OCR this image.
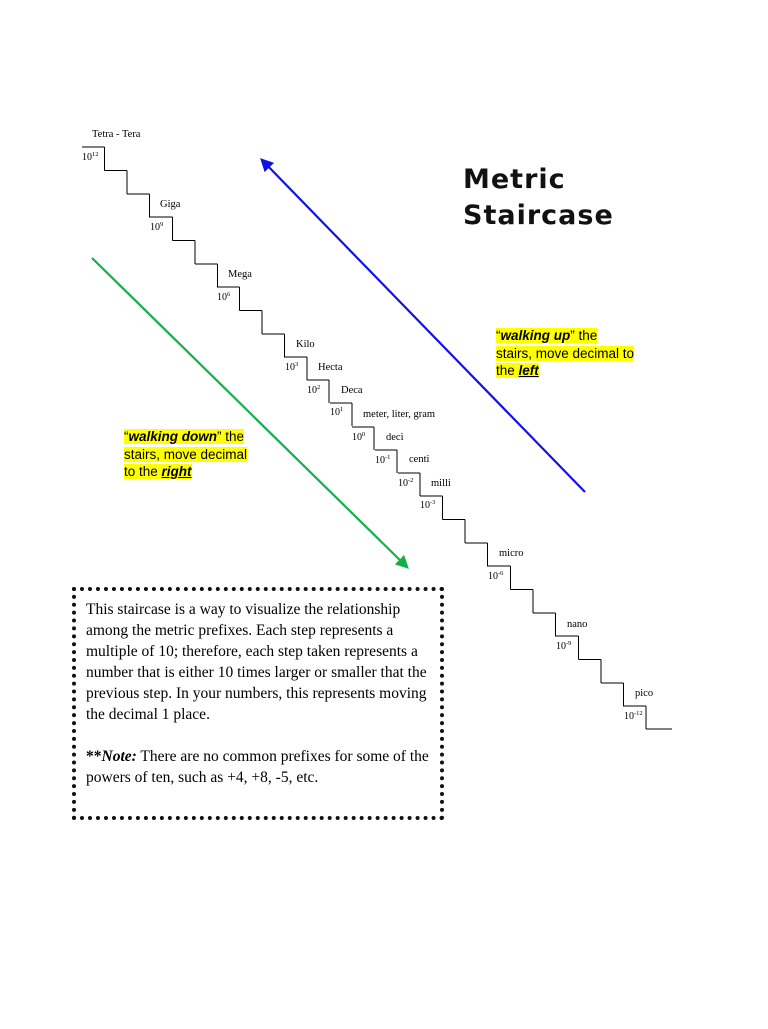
Tetra - Tera
$10^{12}$
Giga
$10^9$
Mega
$10^6$
Kilo
$10^3$ Hecta
$10^2$ Deca
$10^1$ meter, liter, gram
$10^0$ deci
$10^{-1}$ centi
$10^{-2}$ milli
$10^{-3}$
micro
$10^{-6}$
nano
$10^{-9}$
pico
$10^{-12}$
Metric
Staircase
“walking up” the stairs, move decimal to the left
“walking down” the stairs, move decimal to the right

This staircase is a way to visualize the relationship among the metric prefixes. Each step represents a multiple of 10; therefore, each step taken represents a number that is either 10 times larger or smaller that the previous step. In your numbers, this represents moving the decimal 1 place.

**Note: There are no common prefixes for some of the powers of ten, such as +4, +8, -5, etc.
